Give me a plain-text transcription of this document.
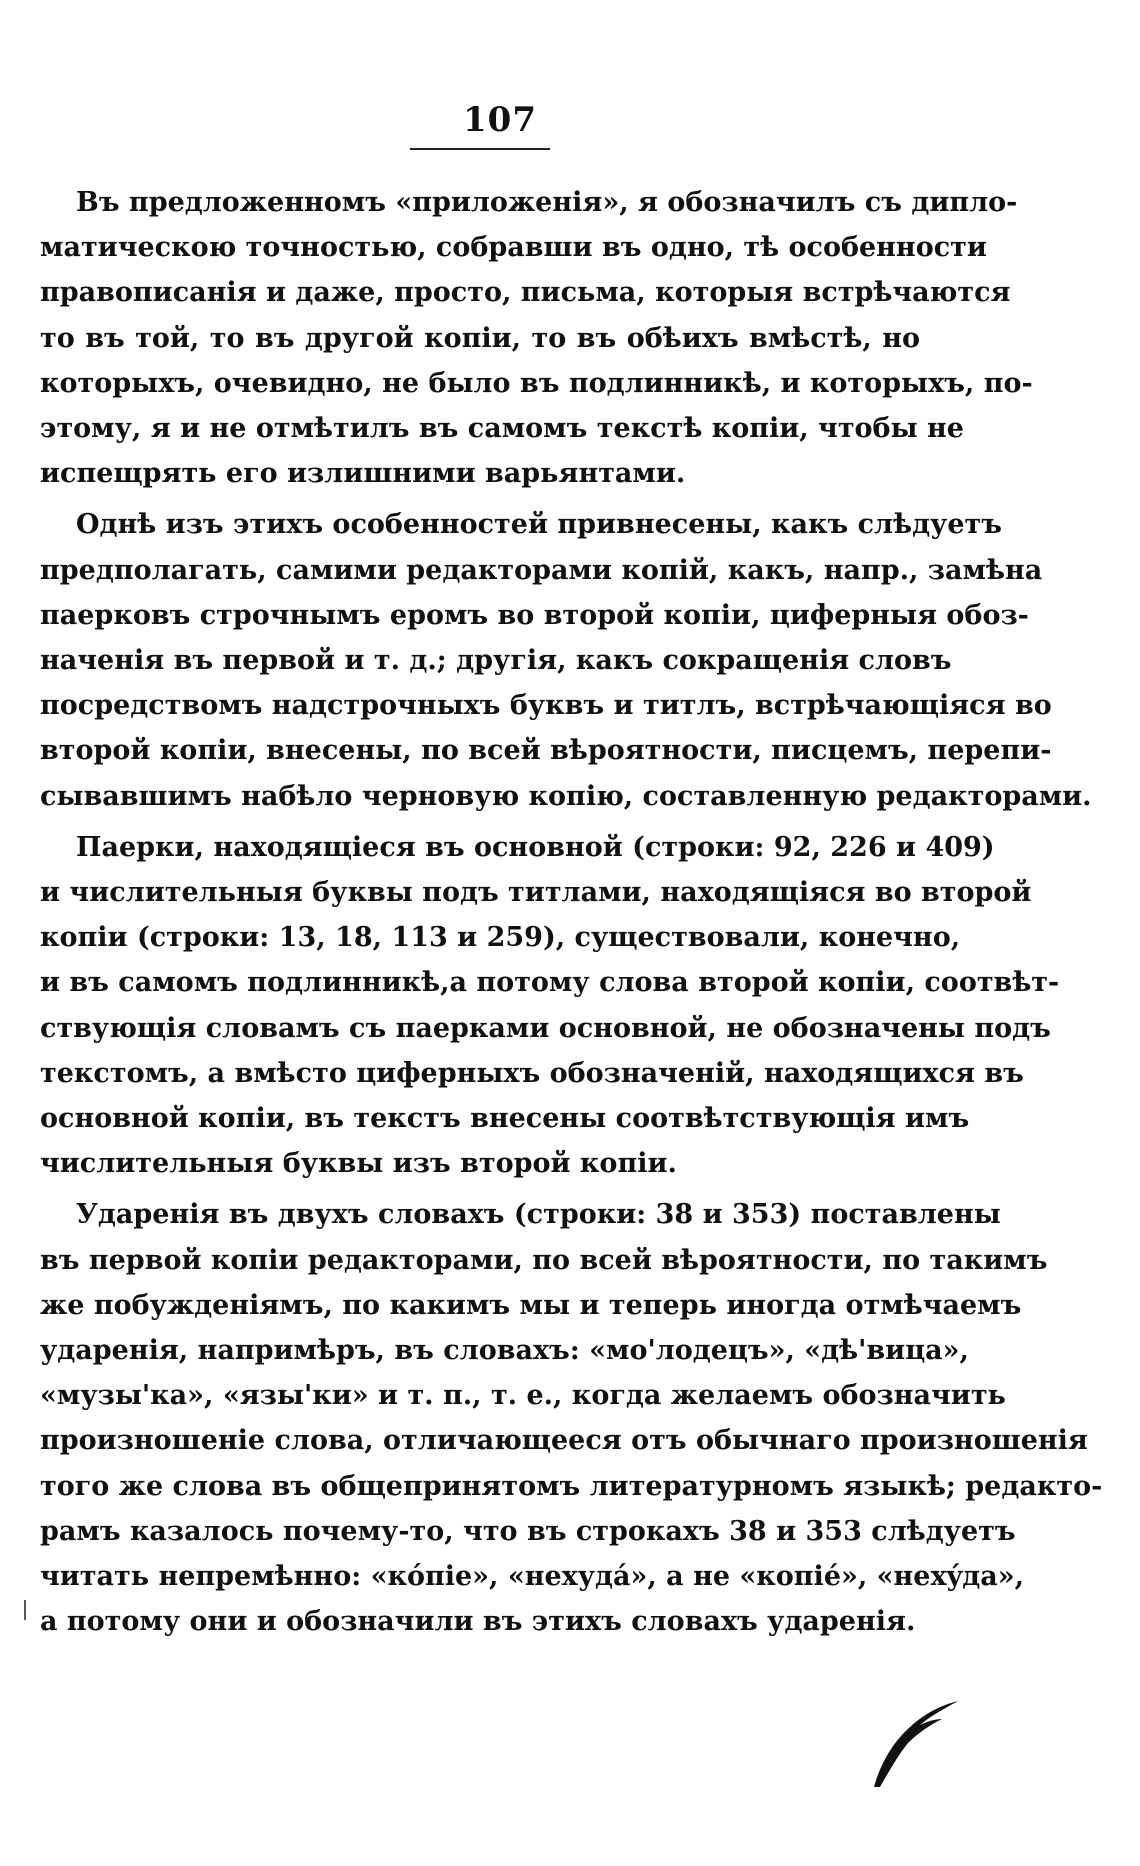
107
Въ предложенномъ «приложенія», я обозначилъ съ дипло-
матическою точностью, собравши въ одно, тѣ особенности
правописанія и даже, просто, письма, которыя встрѣчаются
то въ той, то въ другой копіи, то въ обѣихъ вмѣстѣ, но
которыхъ, очевидно, не было въ подлинникѣ, и которыхъ, по-
этому, я и не отмѣтилъ въ самомъ текстѣ копіи, чтобы не
испещрять его излишними варьянтами.
Однѣ изъ этихъ особенностей привнесены, какъ слѣдуетъ
предполагать, самими редакторами копій, какъ, напр., замѣна
паерковъ строчнымъ еромъ во второй копіи, циферныя обоз-
наченія въ первой и т. д.; другія, какъ сокращенія словъ
посредствомъ надстрочныхъ буквъ и титлъ, встрѣчающіяся во
второй копіи, внесены, по всей вѣроятности, писцемъ, перепи-
сывавшимъ набѣло черновую копію, составленную редакторами.
Паерки, находящіеся въ основной (строки: 92, 226 и 409)
и числительныя буквы подъ титлами, находящіяся во второй
копіи (строки: 13, 18, 113 и 259), существовали, конечно,
и въ самомъ подлинникѣ,а потому слова второй копіи, соотвѣт-
ствующія словамъ съ паерками основной, не обозначены подъ
текстомъ, а вмѣсто циферныхъ обозначеній, находящихся въ
основной копіи, въ текстъ внесены соотвѣтствующія имъ
числительныя буквы изъ второй копіи.
Ударенія въ двухъ словахъ (строки: 38 и 353) поставлены
въ первой копіи редакторами, по всей вѣроятности, по такимъ
же побужденіямъ, по какимъ мы и теперь иногда отмѣчаемъ
ударенія, напримѣръ, въ словахъ: «мо'лодецъ», «дѣ'вица»,
«музы'ка», «язы'ки» и т. п., т. е., когда желаемъ обозначить
произношеніе слова, отличающееся отъ обычнаго произношенія
того же слова въ общепринятомъ литературномъ языкѣ; редакто-
рамъ казалось почему-то, что въ строкахъ 38 и 353 слѣдуетъ
читать непремѣнно: «ко́піе», «нехудá», а не «копіé», «нехýда»,
а потому они и обозначили въ этихъ словахъ ударенія.
